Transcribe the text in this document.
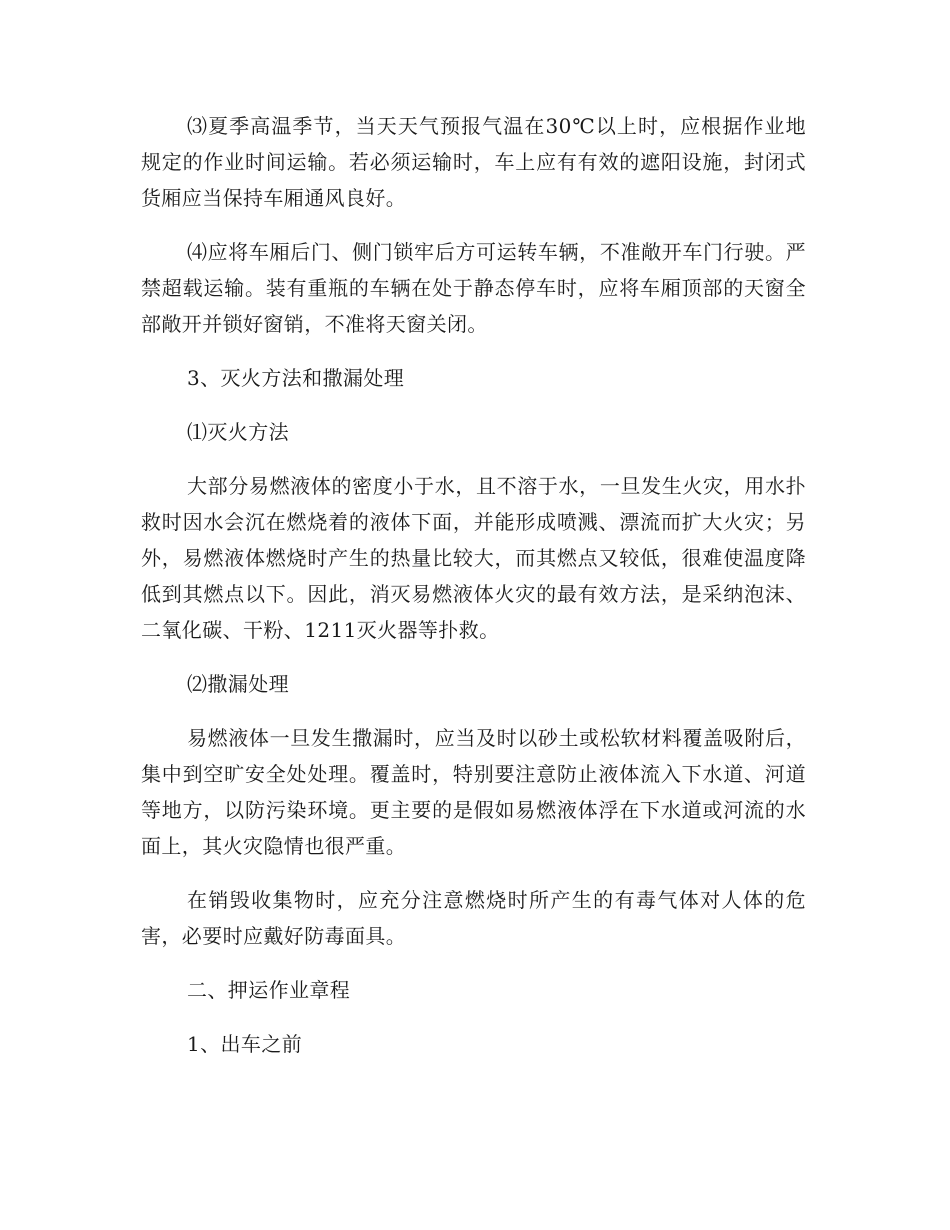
⑶夏季高温季节，当天天气预报气温在30℃以上时，应根据作业地规定的作业时间运输。若必须运输时，车上应有有效的遮阳设施，封闭式货厢应当保持车厢通风良好。

⑷应将车厢后门、侧门锁牢后方可运转车辆，不准敞开车门行驶。严禁超载运输。装有重瓶的车辆在处于静态停车时，应将车厢顶部的天窗全部敞开并锁好窗销，不准将天窗关闭。

3、灭火方法和撒漏处理

⑴灭火方法

大部分易燃液体的密度小于水，且不溶于水，一旦发生火灾，用水扑救时因水会沉在燃烧着的液体下面，并能形成喷溅、漂流而扩大火灾；另外，易燃液体燃烧时产生的热量比较大，而其燃点又较低，很难使温度降低到其燃点以下。因此，消灭易燃液体火灾的最有效方法，是采纳泡沫、二氧化碳、干粉、1211灭火器等扑救。

⑵撒漏处理

易燃液体一旦发生撒漏时，应当及时以砂土或松软材料覆盖吸附后，集中到空旷安全处处理。覆盖时，特别要注意防止液体流入下水道、河道等地方，以防污染环境。更主要的是假如易燃液体浮在下水道或河流的水面上，其火灾隐情也很严重。

在销毁收集物时，应充分注意燃烧时所产生的有毒气体对人体的危害，必要时应戴好防毒面具。

二、押运作业章程

1、出车之前
